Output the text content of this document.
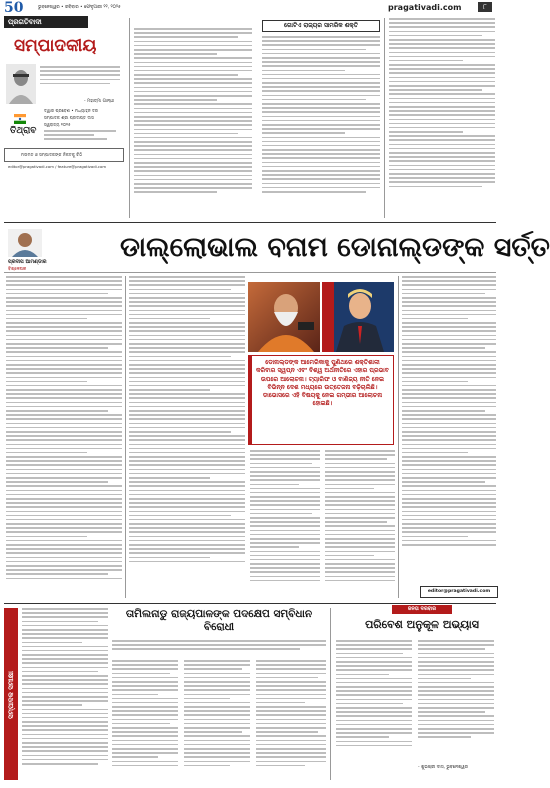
50	ଭୁବନେଶ୍ୱର • ରବିବାର • ଫେବୃଆରୀ ୨୨, ୨୦୨୫	pragativadi.com	୮
ପ୍ରଗତିବାଦୀ
ସମ୍ପାଦକୀୟ
- ମହାତ୍ମା ଗାନ୍ଧୀ
ଦ୍ୱାର ପ୍ରବେଶ • ମଧ୍ୟାହ୍ନ ଦର
ସମ୍ପାଦକ ଶ୍ରୀ ପ୍ରଦୀପ୍ତ ଦାସ
ସ୍ୱରାଜ୍ୟ ୨୦୨୫
ତିଥ୍ରାବ
ମତାମତ ଓ ସମ୍ପାଦକଙ୍କ ନିକଟକୁ ଚିଠି
editor@pragativadi.com / feature@pragativadi.com
ଗୋଟିଏ ରାଜ୍ୟର ସାମରିକ ଶକ୍ତି
ପ୍ରଦୀପ ଆମଣ୍ଡାର
ବିଶ୍ଳେଷକ
ଡାଲ୍ଲୋଭାଲ ବନାମ ଡୋନାଲ୍ଡଙ୍କ ସର୍ତ୍ତ
ଡୋନାଲ୍ଡଙ୍କ ଆମେରିକାକୁ ପୁଣିଥରେ ଶକ୍ତିଶାଳୀ କରିବାର ସ୍ୱପ୍ନ ଏବଂ ବିଶ୍ୱ ଅର୍ଥନୀତିରେ ଏହାର ପ୍ରଭାବ ଉପରେ ଆଲୋଚନା। ଟ୍ୟାରିଫ ଓ ବାଣିଜ୍ୟ ନୀତି ନେଇ ବିଭିନ୍ନ ଦେଶ ମଧ୍ୟରେ ଉତ୍ତେଜନା ବଢ଼ିଚାଲିଛି। ଡାଭୋସରେ ଏହି ବିଷୟକୁ ନେଇ ଗମ୍ଭୀର ଆଲୋଚନା ହୋଇଛି।
editor@pragativadi.com
ସମ୍ପାଦକ ସମୀକ୍ଷା
ତାମିଲନାଡୁ ରାଜ୍ୟପାଳଙ୍କ ପଦକ୍ଷେପ ସମ୍ବିଧାନ ବିରୋଧୀ
ଜନତା ଦରବାର
ପରିବେଶ ଅନୁକୂଳ ଅଭ୍ୟାସ
- ଶୁଭଶ୍ରୀ ଦାସ, ଭୁବନେଶ୍ୱର
